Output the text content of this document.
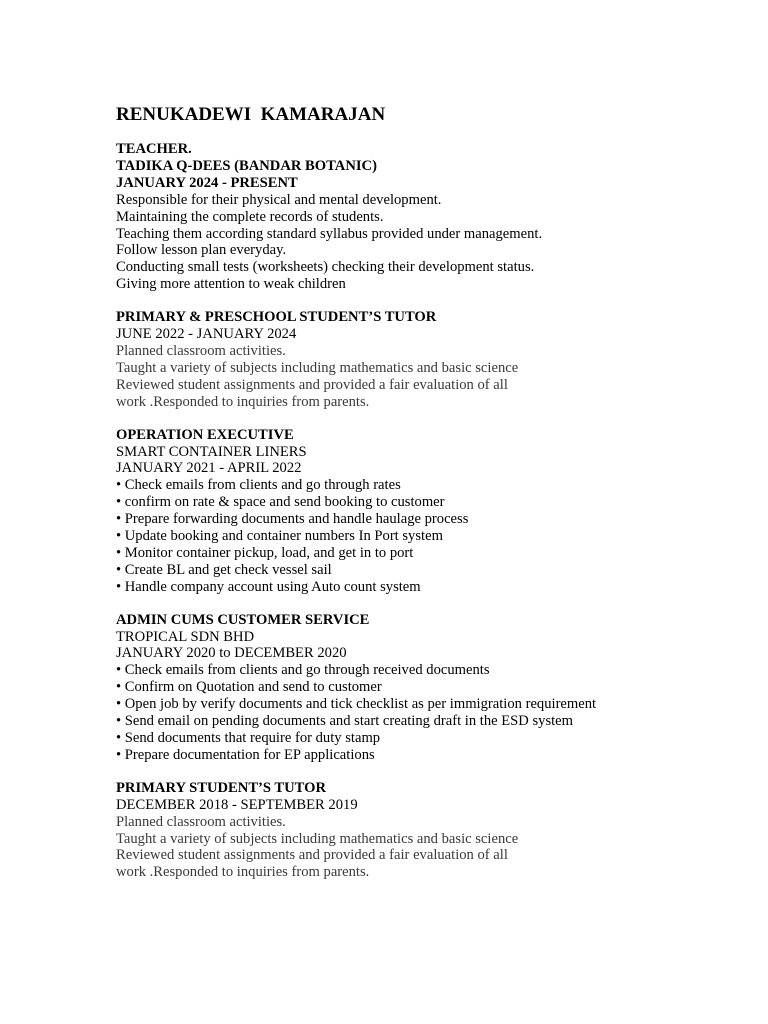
RENUKADEWI  KAMARAJAN
TEACHER.
TADIKA Q-DEES (BANDAR BOTANIC)
JANUARY 2024 - PRESENT
Responsible for their physical and mental development.
Maintaining the complete records of students.
Teaching them according standard syllabus provided under management.
Follow lesson plan everyday.
Conducting small tests (worksheets) checking their development status.
Giving more attention to weak children
PRIMARY & PRESCHOOL STUDENT’S TUTOR
JUNE 2022 - JANUARY 2024
Planned classroom activities.
Taught a variety of subjects including mathematics and basic science
Reviewed student assignments and provided a fair evaluation of all
work .Responded to inquiries from parents.
OPERATION EXECUTIVE
SMART CONTAINER LINERS
JANUARY 2021 - APRIL 2022
• Check emails from clients and go through rates
• confirm on rate & space and send booking to customer
• Prepare forwarding documents and handle haulage process
• Update booking and container numbers In Port system
• Monitor container pickup, load, and get in to port
• Create BL and get check vessel sail
• Handle company account using Auto count system
ADMIN CUMS CUSTOMER SERVICE
TROPICAL SDN BHD
JANUARY 2020 to DECEMBER 2020
• Check emails from clients and go through received documents
• Confirm on Quotation and send to customer
• Open job by verify documents and tick checklist as per immigration requirement
• Send email on pending documents and start creating draft in the ESD system
• Send documents that require for duty stamp
• Prepare documentation for EP applications
PRIMARY STUDENT’S TUTOR
DECEMBER 2018 - SEPTEMBER 2019
Planned classroom activities.
Taught a variety of subjects including mathematics and basic science
Reviewed student assignments and provided a fair evaluation of all
work .Responded to inquiries from parents.
